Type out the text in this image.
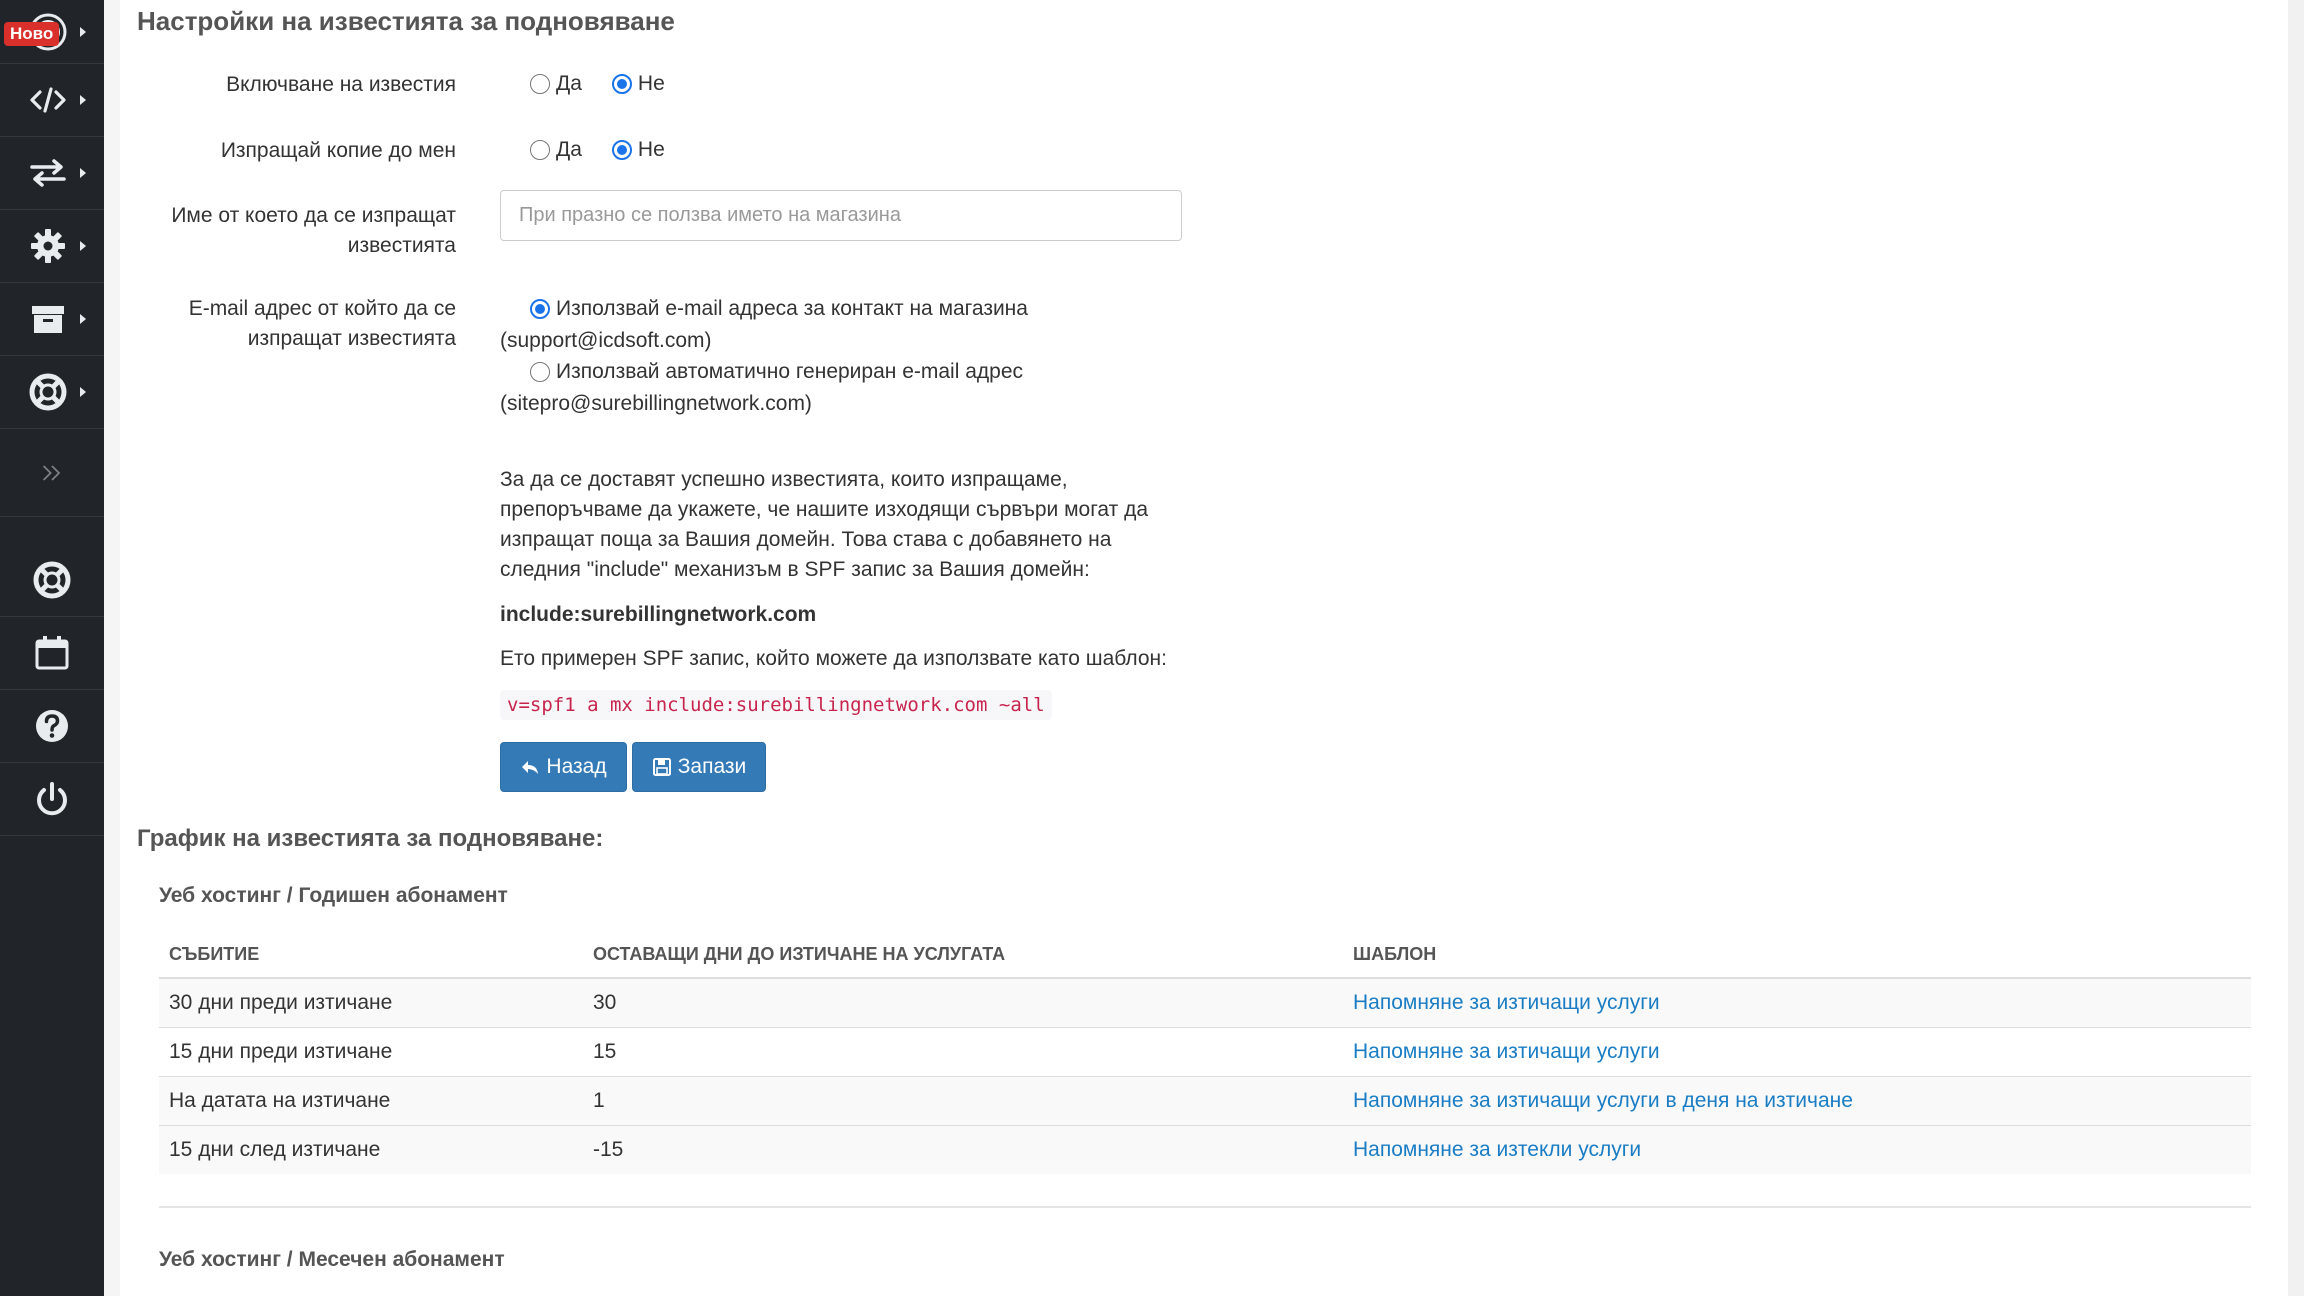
Ново	Настройки на известията за подновяване
Включване на известия	Да	Не
Изпращай копие до мен	Да	Не
Име от което да се изпращат известията
При празно се ползва името на магазина
E-mail адрес от който да се изпращат известията
Използвай e-mail адреса за контакт на магазина
(support@icdsoft.com)
Използвай автоматично генериран e-mail адрес
(sitepro@surebillingnetwork.com)
За да се доставят успешно известията, които изпращаме,
препоръчваме да укажете, че нашите изходящи сървъри могат да
изпращат поща за Вашия домейн. Това става с добавянето на
следния "include" механизъм в SPF запис за Вашия домейн:
include:surebillingnetwork.com
Ето примерен SPF запис, който можете да използвате като шаблон:
v=spf1 a mx include:surebillingnetwork.com ~all
Назад	Запази
График на известията за подновяване:
Уеб хостинг / Годишен абонамент
СЪБИТИЕ	ОСТАВАЩИ ДНИ ДО ИЗТИЧАНЕ НА УСЛУГАТА	ШАБЛОН
30 дни преди изтичане	30	Напомняне за изтичащи услуги
15 дни преди изтичане	15	Напомняне за изтичащи услуги
На датата на изтичане	1	Напомняне за изтичащи услуги в деня на изтичане
15 дни след изтичане	-15	Напомняне за изтекли услуги
Уеб хостинг / Месечен абонамент
